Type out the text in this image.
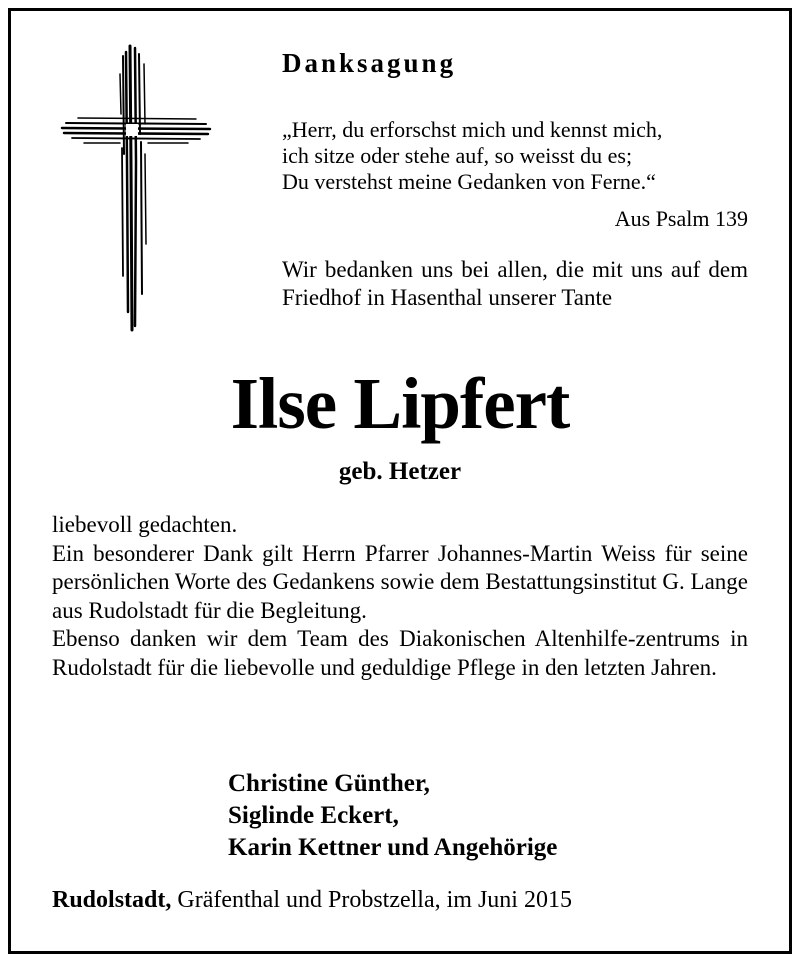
Danksagung
„Herr, du erforschst mich und kennst mich,
ich sitze oder stehe auf, so weisst du es;
Du verstehst meine Gedanken von Ferne.“
Aus Psalm 139
Wir bedanken uns bei allen, die mit uns auf dem Friedhof in Hasenthal unserer Tante
Ilse Lipfert
geb. Hetzer

liebevoll gedachten.

Ein besonderer Dank gilt Herrn Pfarrer Johannes-Martin Weiss für seine persönlichen Worte des Gedankens sowie dem Bestattungsinstitut G. Lange aus Rudolstadt für die Begleitung.

Ebenso danken wir dem Team des Diakonischen Altenhilfe-zentrums in Rudolstadt für die liebevolle und geduldige Pflege in den letzten Jahren.

Christine Günther,
Siglinde Eckert,
Karin Kettner und Angehörige
Rudolstadt, Gräfenthal und Probstzella, im Juni 2015
